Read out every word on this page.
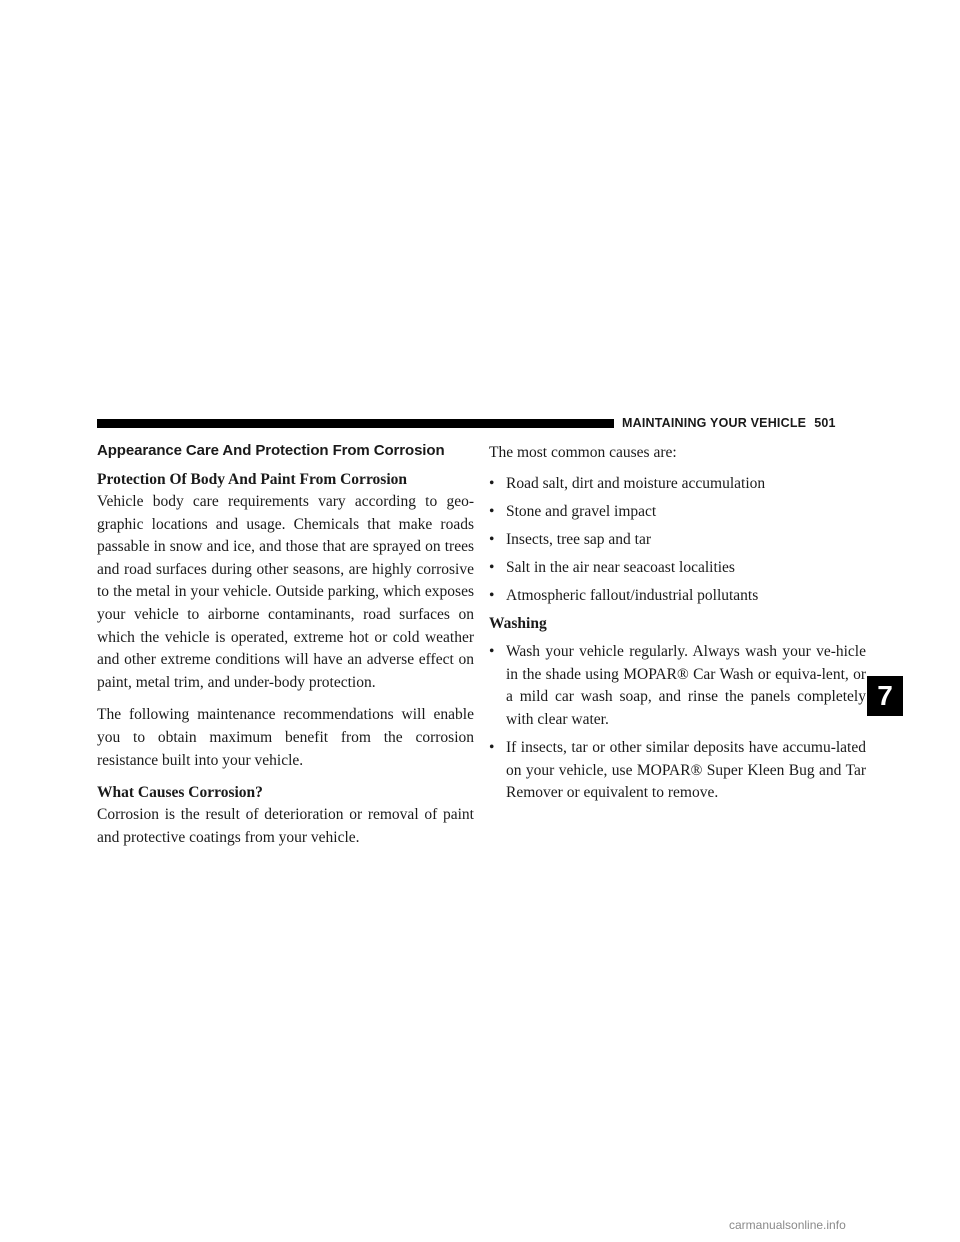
MAINTAINING YOUR VEHICLE 501
Appearance Care And Protection From Corrosion
Protection Of Body And Paint From Corrosion

Vehicle body care requirements vary according to geo-graphic locations and usage. Chemicals that make roads passable in snow and ice, and those that are sprayed on trees and road surfaces during other seasons, are highly corrosive to the metal in your vehicle. Outside parking, which exposes your vehicle to airborne contaminants, road surfaces on which the vehicle is operated, extreme hot or cold weather and other extreme conditions will have an adverse effect on paint, metal trim, and under-body protection.

The following maintenance recommendations will enable you to obtain maximum benefit from the corrosion resistance built into your vehicle.

What Causes Corrosion?

Corrosion is the result of deterioration or removal of paint and protective coatings from your vehicle.

The most common causes are:

• Road salt, dirt and moisture accumulation
• Stone and gravel impact
• Insects, tree sap and tar
• Salt in the air near seacoast localities
• Atmospheric fallout/industrial pollutants
Washing
• Wash your vehicle regularly. Always wash your ve-hicle in the shade using MOPAR® Car Wash or equiva-lent, or a mild car wash soap, and rinse the panels completely with clear water.
• If insects, tar or other similar deposits have accumu-lated on your vehicle, use MOPAR® Super Kleen Bug and Tar Remover or equivalent to remove.
7
carmanualsonline.info
